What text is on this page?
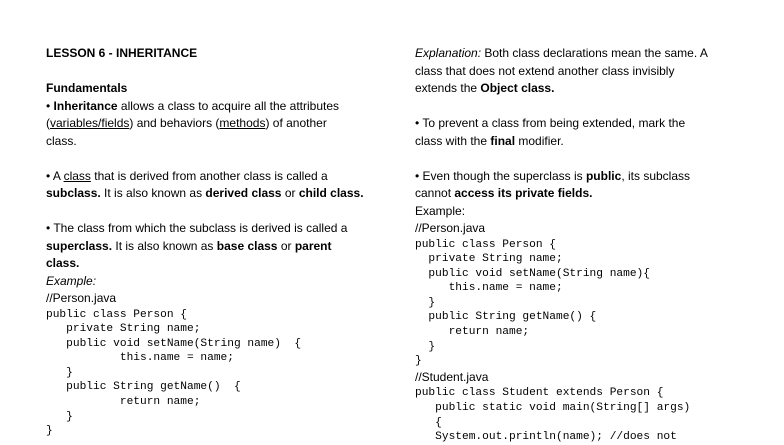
LESSON 6 - INHERITANCE
Fundamentals
• Inheritance allows a class to acquire all the attributes
(variables/fields) and behaviors (methods) of another
class.
• A class that is derived from another class is called a
subclass. It is also known as derived class or child class.
• The class from which the subclass is derived is called a
superclass. It is also known as base class or parent
class.
Example:
//Person.java
public class Person {
private String name;
public void setName(String name)  {
this.name = name;
}
public String getName()  {
return name;
}
}
Explanation: Both class declarations mean the same. A
class that does not extend another class invisibly
extends the Object class.
• To prevent a class from being extended, mark the
class with the final modifier.
• Even though the superclass is public, its subclass
cannot access its private fields.
Example:
//Person.java
public class Person {
private String name;
public void setName(String name){
this.name = name;
}
public String getName() {
return name;
}
}
//Student.java
public class Student extends Person {
public static void main(String[] args)
{
System.out.println(name); //does not
